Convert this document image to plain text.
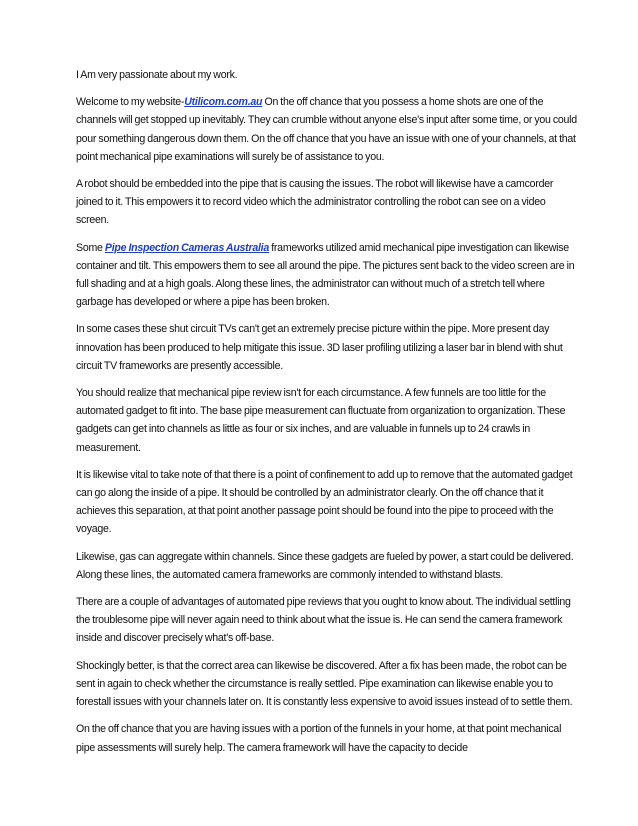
I Am very passionate about my work.

Welcome to my website-Utilicom.com.au On the off chance that you possess a home shots are one of the channels will get stopped up inevitably. They can crumble without anyone else's input after some time, or you could pour something dangerous down them. On the off chance that you have an issue with one of your channels, at that point mechanical pipe examinations will surely be of assistance to you.

A robot should be embedded into the pipe that is causing the issues. The robot will likewise have a camcorder joined to it. This empowers it to record video which the administrator controlling the robot can see on a video screen.

Some Pipe Inspection Cameras Australia frameworks utilized amid mechanical pipe investigation can likewise container and tilt. This empowers them to see all around the pipe. The pictures sent back to the video screen are in full shading and at a high goals. Along these lines, the administrator can without much of a stretch tell where garbage has developed or where a pipe has been broken.

In some cases these shut circuit TVs can't get an extremely precise picture within the pipe. More present day innovation has been produced to help mitigate this issue. 3D laser profiling utilizing a laser bar in blend with shut circuit TV frameworks are presently accessible.

You should realize that mechanical pipe review isn't for each circumstance. A few funnels are too little for the automated gadget to fit into. The base pipe measurement can fluctuate from organization to organization. These gadgets can get into channels as little as four or six inches, and are valuable in funnels up to 24 crawls in measurement.

It is likewise vital to take note of that there is a point of confinement to add up to remove that the automated gadget can go along the inside of a pipe. It should be controlled by an administrator clearly. On the off chance that it achieves this separation, at that point another passage point should be found into the pipe to proceed with the voyage.

Likewise, gas can aggregate within channels. Since these gadgets are fueled by power, a start could be delivered. Along these lines, the automated camera frameworks are commonly intended to withstand blasts.

There are a couple of advantages of automated pipe reviews that you ought to know about. The individual settling the troublesome pipe will never again need to think about what the issue is. He can send the camera framework inside and discover precisely what's off-base.

Shockingly better, is that the correct area can likewise be discovered. After a fix has been made, the robot can be sent in again to check whether the circumstance is really settled. Pipe examination can likewise enable you to forestall issues with your channels later on. It is constantly less expensive to avoid issues instead of to settle them.

On the off chance that you are having issues with a portion of the funnels in your home, at that point mechanical pipe assessments will surely help. The camera framework will have the capacity to decide
